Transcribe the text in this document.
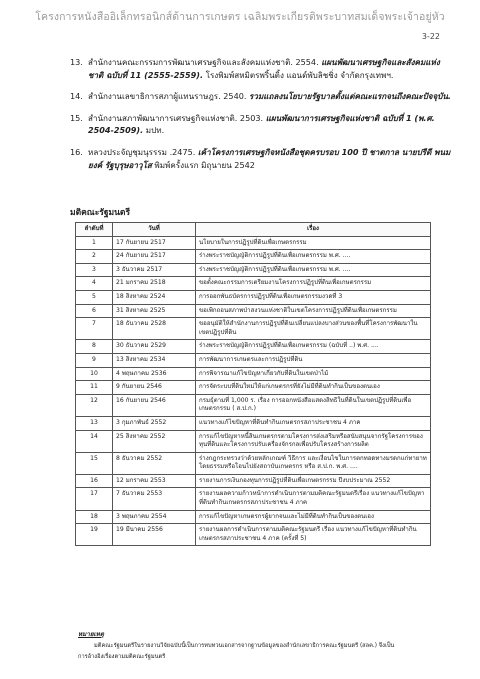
โครงการหนังสืออิเล็กทรอนิกส์ด้านการเกษตร เฉลิมพระเกียรติพระบาทสมเด็จพระเจ้าอยู่หัว
3-22
13. สำนักงานคณะกรรมการพัฒนาเศรษฐกิจและสังคมแห่งชาติ. 2554. แผนพัฒนาเศรษฐกิจและสังคมแห่งชาติ ฉบับที่ 11 (2555-2559). โรงพิมพ์สหมิตรพริ้นติ้ง แอนด์พับลิชชิ่ง จำกัดกรุงเทพฯ.
14. สำนักงานเลขาธิการสภาผู้แทนราษฎร. 2540. รวมแถลงนโยบายรัฐบาลตั้งแต่คณะแรกจนถึงคณะปัจจุบัน.
15. สำนักงานสภาพัฒนาการเศรษฐกิจแห่งชาติ. 2503. แผนพัฒนาการเศรษฐกิจแห่งชาติ ฉบับที่ 1 (พ.ศ. 2504-2509). มปท.
16. หลวงประจัญชุมนุรรรม .2475. เค้าโครงการเศรษฐกิจหนังสือชุดครบรอบ 100 ปี ชาตกาล นายปรีดี พนมยงค์ รัฐบุรุษอาวุโส พิมพ์ครั้งแรก มิถุนายน 2542
มติคณะรัฐมนตรี
ลำดับที่	วันที่	เรื่อง
1	17 กันยายน 2517	นโยบายในการปฏิรูปที่ดินเพื่อเกษตรกรรม
2	24 กันยายน 2517	ร่างพระราชบัญญัติการปฏิรูปที่ดินเพื่อเกษตรกรรม พ.ศ. ....
3	3 ธันวาคม 2517	ร่างพระราชบัญญัติการปฏิรูปที่ดินเพื่อเกษตรกรรม พ.ศ. ....
4	21 มกราคม 2518	ขอตั้งคณะกรรมการเตรียมงานโครงการปฏิรูปที่ดินเพื่อเกษตรกรรม
5	18 สิงหาคม 2524	การออกพันธบัตรการปฏิรูปที่ดินเพื่อเกษตรกรรมงวดที่ 3
6	31 สิงหาคม 2525	ขอเพิกถอนสภาพป่าสงวนแห่งชาติในเขตโครงการปฏิรูปที่ดินเพื่อเกษตรกรรม
7	18 ธันวาคม 2528	ขออนุมัติให้สำนักงานการปฏิรูปที่ดินเปลี่ยนแปลงบางส่วนของพื้นที่โครงการพัฒนาในเขตปฏิรูปที่ดิน
8	30 ธันวาคม 2529	ร่างพระราชบัญญัติการปฏิรูปที่ดินเพื่อเกษตรกรรม (ฉบับที่ ..) พ.ศ. ....
9	13 สิงหาคม 2534	การพัฒนาการเกษตรและการปฏิรูปที่ดิน
10	4 พฤษภาคม 2536	การพิจารณาแก้ไขปัญหาเกี่ยวกับที่ดินในเขตป่าไม้
11	9 กันยายน 2546	การจัดระบบที่ดินใหม่ให้แก่เกษตรกรที่ยังไม่มีที่ดินทำกินเป็นของตนเอง
12	16 กันยายน 2546	กรมธุ์ตามที่ 1,000 ร. เรื่อง การออกหนังสือแสดงสิทธิในที่ดินในเขตปฏิรูปที่ดินเพื่อเกษตรกรรม ( ส.ป.ก.)
13	3 กุมภาพันธ์ 2552	แนวทางแก้ไขปัญหาที่ดินทำกินเกษตรกรสภาประชาชน 4 ภาค
14	25 สิงหาคม 2552	การแก้ไขปัญหาหนี้สินเกษตรกรตามโครงการส่งเสริมหรือสนับสนุนจากรัฐโครงการของทุนที่ดินและโครงการปรับเครื่องจักรกลเพื่อปรับโครงสร้างการผลิต
15	8 ธันวาคม 2552	ร่างกฎกระทรวงว่าด้วยหลักเกณฑ์ วิธีการ และเงื่อนไขในการตกทอดทางมรดกแก่ทายาทโดยธรรมหรือโอนไปยังสถาบันเกษตรกร หรือ ส.ป.ก. พ.ศ. ....
16	12 มกราคม 2553	รายงานการเงินกองทุนการปฏิรูปที่ดินเพื่อเกษตรกรรม ปีงบประมาณ 2552
17	7 ธันวาคม 2553	รายงานผลความก้าวหน้าการดำเนินการตามมติคณะรัฐมนตรีเรื่อง แนวทางแก้ไขปัญหาที่ดินทำกินเกษตรกรสภาประชาชน 4 ภาค
18	3 พฤษภาคม 2554	การแก้ไขปัญหาเกษตรกรผู้ยากจนและไม่มีที่ดินทำกินเป็นของตนเอง
19	19 มีนาคม 2556	รายงานผลการดำเนินการตามมติคณะรัฐมนตรี เรื่อง แนวทางแก้ไขปัญหาที่ดินทำกินเกษตรกรสภาประชาชน 4 ภาค (ครั้งที่ 5)
หมายเหตุ
มติคณะรัฐมนตรีในรายงานวิจัยฉบับนี้เป็นการทบทวนเอกสารจากฐานข้อมูลของสำนักเลขาธิการคณะรัฐมนตรี (สลค.) จึงเป็น
การอ้างอิงเรื่องตามมติคณะรัฐมนตรี
